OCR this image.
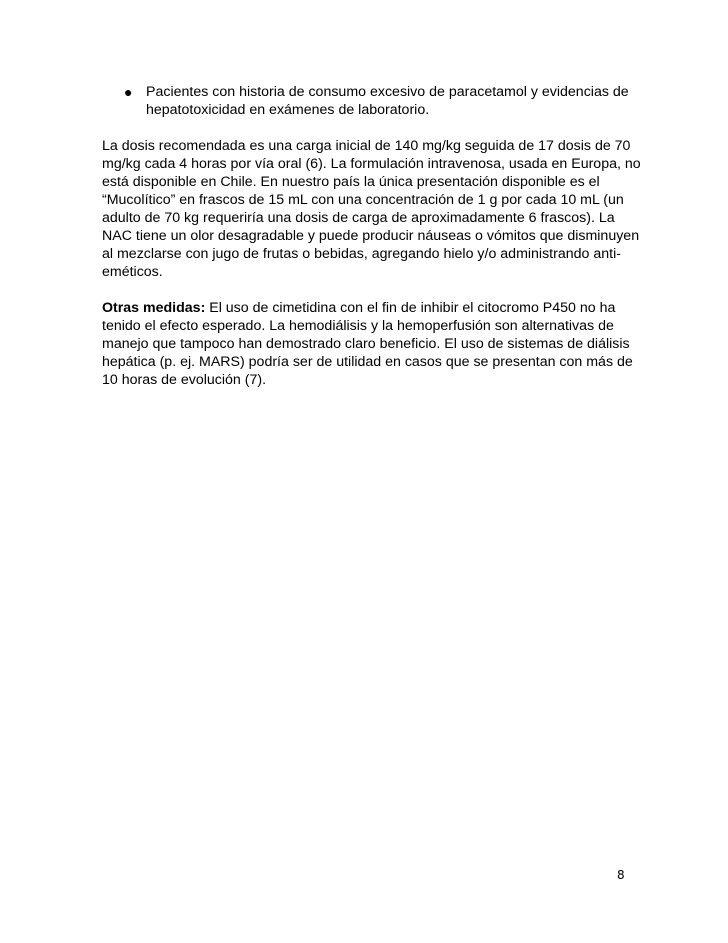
● Pacientes con historia de consumo excesivo de paracetamol y evidencias de hepatotoxicidad en exámenes de laboratorio.

La dosis recomendada es una carga inicial de 140 mg/kg seguida de 17 dosis de 70 mg/kg cada 4 horas por vía oral (6). La formulación intravenosa, usada en Europa, no está disponible en Chile. En nuestro país la única presentación disponible es el “Mucolítico” en frascos de 15 mL con una concentración de 1 g por cada 10 mL (un adulto de 70 kg requeriría una dosis de carga de aproximadamente 6 frascos). La NAC tiene un olor desagradable y puede producir náuseas o vómitos que disminuyen al mezclarse con jugo de frutas o bebidas, agregando hielo y/o administrando anti-eméticos.

Otras medidas: El uso de cimetidina con el fin de inhibir el citocromo P450 no ha tenido el efecto esperado. La hemodiálisis y la hemoperfusión son alternativas de manejo que tampoco han demostrado claro beneficio. El uso de sistemas de diálisis hepática (p. ej. MARS) podría ser de utilidad en casos que se presentan con más de 10 horas de evolución (7).

8
